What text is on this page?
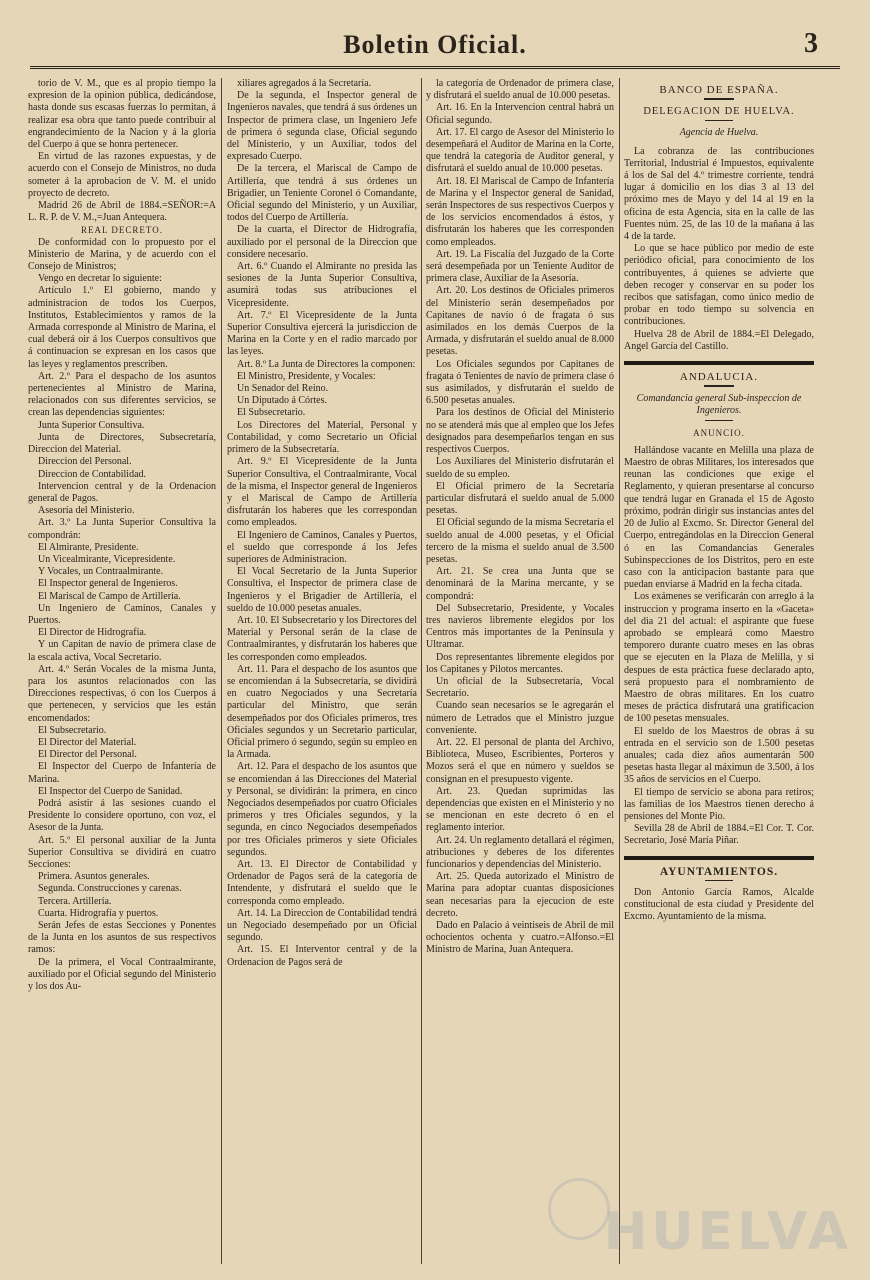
Boletin Oficial.	3

torio de V. M., que es al propio tiempo la expresion de la opinion pública, dedicándose, hasta donde sus escasas fuerzas lo permitan, á realizar esa obra que tanto puede contribuir al engrandecimiento de la Nacion y á la gloria del Cuerpo á que se honra pertenecer.

En virtud de las razones expuestas, y de acuerdo con el Consejo de Ministros, no duda someter á la aprobacion de V. M. el unido proyecto de decreto.

Madrid 26 de Abril de 1884.=SEÑOR:=A L. R. P. de V. M.,=Juan Antequera.

REAL DECRETO.

De conformidad con lo propuesto por el Ministerio de Marina, y de acuerdo con el Consejo de Ministros;

Vengo en decretar lo siguiente:

Artículo 1.º El gobierno, mando y administracion de todos los Cuerpos, Institutos, Establecimientos y ramos de la Armada corresponde al Ministro de Marina, el cual deberá oir á los Cuerpos consultivos que á continuacion se expresan en los casos que las leyes y reglamentos prescriben.

Art. 2.º Para el despacho de los asuntos pertenecientes al Ministro de Marina, relacionados con sus diferentes servicios, se crean las dependencias siguientes:

Junta Superior Consultiva.

Junta de Directores, Subsecretaría, Direccion del Material.

Direccion del Personal.

Direccion de Contabilidad.

Intervencion central y de la Ordenacion general de Pagos.

Asesoría del Ministerio.

Art. 3.º La Junta Superior Consultiva la compondrán:

El Almirante, Presidente.

Un Vicealmirante, Vicepresidente.

Y Vocales, un Contraalmirante.

El Inspector general de Ingenieros.

El Mariscal de Campo de Artillería.

Un Ingeniero de Caminos, Canales y Puertos.

El Director de Hidrografía.

Y un Capitan de navío de primera clase de la escala activa, Vocal Secretario.

Art. 4.º Serán Vocales de la misma Junta, para los asuntos relacionados con las Direcciones respectivas, ó con los Cuerpos á que pertenecen, y servicios que les están encomendados:

El Subsecretario.

El Director del Material.

El Director del Personal.

El Inspector del Cuerpo de Infantería de Marina.

El Inspector del Cuerpo de Sanidad.

Podrá asistir á las sesiones cuando el Presidente lo considere oportuno, con voz, el Asesor de la Junta.

Art. 5.º El personal auxiliar de la Junta Superior Consultiva se dividirá en cuatro Secciones:

Primera. Asuntos generales.

Segunda. Construcciones y carenas.

Tercera. Artillería.

Cuarta. Hidrografía y puertos.

Serán Jefes de estas Secciones y Ponentes de la Junta en los asuntos de sus respectivos ramos:

De la primera, el Vocal Contraalmirante, auxiliado por el Oficial segundo del Ministerio y los dos Au-

xiliares agregados á la Secretaría.

De la segunda, el Inspector general de Ingenieros navales, que tendrá á sus órdenes un Inspector de primera clase, un Ingeniero Jefe de primera ó segunda clase, Oficial segundo del Ministerio, y un Auxiliar, todos del expresado Cuerpo.

De la tercera, el Mariscal de Campo de Artillería, que tendrá á sus órdenes un Brigadier, un Teniente Coronel ó Comandante, Oficial segundo del Ministerio, y un Auxiliar, todos del Cuerpo de Artillería.

De la cuarta, el Director de Hidrografía, auxiliado por el personal de la Direccion que considere necesario.

Art. 6.º Cuando el Almirante no presida las sesiones de la Junta Superior Consultiva, asumirá todas sus atribuciones el Vicepresidente.

Art. 7.º El Vicepresidente de la Junta Superior Consultiva ejercerá la jurisdiccion de Marina en la Corte y en el radio marcado por las leyes.

Art. 8.º La Junta de Directores la componen:

El Ministro, Presidente, y Vocales:

Un Senador del Reino.

Un Diputado á Córtes.

El Subsecretario.

Los Directores del Material, Personal y Contabilidad, y como Secretario un Oficial primero de la Subsecretaría.

Art. 9.º El Vicepresidente de la Junta Superior Consultiva, el Contraalmirante, Vocal de la misma, el Inspector general de Ingenieros y el Mariscal de Campo de Artillería disfrutarán los haberes que les correspondan como empleados.

El Ingeniero de Caminos, Canales y Puertos, el sueldo que corresponde á los Jefes superiores de Administracion.

El Vocal Secretario de la Junta Superior Consultiva, el Inspector de primera clase de Ingenieros y el Brigadier de Artillería, el sueldo de 10.000 pesetas anuales.

Art. 10. El Subsecretario y los Directores del Material y Personal serán de la clase de Contraalmirantes, y disfrutarán los haberes que les corresponden como empleados.

Art. 11. Para el despacho de los asuntos que se encomiendan á la Subsecretaría, se dividirá en cuatro Negociados y una Secretaría particular del Ministro, que serán desempeñados por dos Oficiales primeros, tres Oficiales segundos y un Secretario particular, Oficial primero ó segundo, según su empleo en la Armada.

Art. 12. Para el despacho de los asuntos que se encomiendan á las Direcciones del Material y Personal, se dividirán: la primera, en cinco Negociados desempeñados por cuatro Oficiales primeros y tres Oficiales segundos, y la segunda, en cinco Negociados desempeñados por tres Oficiales primeros y siete Oficiales segundos.

Art. 13. El Director de Contabilidad y Ordenador de Pagos será de la categoría de Intendente, y disfrutará el sueldo que le corresponda como empleado.

Art. 14. La Direccion de Contabilidad tendrá un Negociado desempeñado por un Oficial segundo.

Art. 15. El Interventor central y de la Ordenacion de Pagos será de

la categoría de Ordenador de primera clase, y disfrutará el sueldo anual de 10.000 pesetas.

Art. 16. En la Intervencion central habrá un Oficial segundo.

Art. 17. El cargo de Asesor del Ministerio lo desempeñará el Auditor de Marina en la Corte, que tendrá la categoría de Auditor general, y disfrutará el sueldo anual de 10.000 pesetas.

Art. 18. El Mariscal de Campo de Infantería de Marina y el Inspector general de Sanidad, serán Inspectores de sus respectivos Cuerpos y de los servicios encomendados á éstos, y disfrutarán los haberes que les corresponden como empleados.

Art. 19. La Fiscalía del Juzgado de la Corte será desempeñada por un Teniente Auditor de primera clase, Auxiliar de la Asesoría.

Art. 20. Los destinos de Oficiales primeros del Ministerio serán desempeñados por Capitanes de navío ó de fragata ó sus asimilados en los demás Cuerpos de la Armada, y disfrutarán el sueldo anual de 8.000 pesetas.

Los Oficiales segundos por Capitanes de fragata ó Tenientes de navío de primera clase ó sus asimilados, y disfrutarán el sueldo de 6.500 pesetas anuales.

Para los destinos de Oficial del Ministerio no se atenderá más que al empleo que los Jefes designados para desempeñarlos tengan en sus respectivos Cuerpos.

Los Auxiliares del Ministerio disfrutarán el sueldo de su empleo.

El Oficial primero de la Secretaría particular disfrutará el sueldo anual de 5.000 pesetas.

El Oficial segundo de la misma Secretaría el sueldo anual de 4.000 pesetas, y el Oficial tercero de la misma el sueldo anual de 3.500 pesetas.

Art. 21. Se crea una Junta que se denominará de la Marina mercante, y se compondrá:

Del Subsecretario, Presidente, y Vocales tres navieros libremente elegidos por los Centros más importantes de la Península y Ultramar.

Dos representantes libremente elegidos por los Capitanes y Pilotos mercantes.

Un oficial de la Subsecretaría, Vocal Secretario.

Cuando sean necesarios se le agregarán el número de Letrados que el Ministro juzgue conveniente.

Art. 22. El personal de planta del Archivo, Biblioteca, Museo, Escribientes, Porteros y Mozos será el que en número y sueldos se consignan en el presupuesto vigente.

Art. 23. Quedan suprimidas las dependencias que existen en el Ministerio y no se mencionan en este decreto ó en el reglamento interior.

Art. 24. Un reglamento detallará el régimen, atribuciones y deberes de los diferentes funcionarios y dependencias del Ministerio.

Art. 25. Queda autorizado el Ministro de Marina para adoptar cuantas disposiciones sean necesarias para la ejecucion de este decreto.

Dado en Palacio á veintiseis de Abril de mil ochocientos ochenta y cuatro.=Alfonso.=El Ministro de Marina, Juan Antequera.

BANCO DE ESPAÑA.
DELEGACION DE HUELVA.

Agencia de Huelva.

La cobranza de las contribuciones Territorial, Industrial é Impuestos, equivalente á los de Sal del 4.º trimestre corriente, tendrá lugar á domicilio en los dias 3 al 13 del próximo mes de Mayo y del 14 al 19 en la oficina de esta Agencia, sita en la calle de las Fuentes núm. 25, de las 10 de la mañana á las 4 de la tarde.

Lo que se hace público por medio de este periódico oficial, para conocimiento de los contribuyentes, á quienes se advierte que deben recoger y conservar en su poder los recibos que satisfagan, como único medio de probar en todo tiempo su solvencia en contribuciones.

Huelva 28 de Abril de 1884.=El Delegado, Angel García del Castillo.

ANDALUCIA.

Comandancia general Sub-inspeccion de Ingenieros.

ANUNCIO.

Hallándose vacante en Melilla una plaza de Maestro de obras Militares, los interesados que reunan las condiciones que exige el Reglamento, y quieran presentarse al concurso que tendrá lugar en Granada el 15 de Agosto próximo, podrán dirigir sus instancias antes del 20 de Julio al Excmo. Sr. Director General del Cuerpo, entregándolas en la Direccion General ó en las Comandancias Generales Subinspecciones de los Distritos, pero en este caso con la anticipacion bastante para que puedan enviarse á Madrid en la fecha citada.

Los exámenes se verificarán con arreglo á la instruccion y programa inserto en la «Gaceta» del dia 21 del actual: el aspirante que fuese aprobado se empleará como Maestro temporero durante cuatro meses en las obras que se ejecuten en la Plaza de Melilla, y si despues de esta práctica fuese declarado apto, será propuesto para el nombramiento de Maestro de obras militares. En los cuatro meses de práctica disfrutará una gratificacion de 100 pesetas mensuales.

El sueldo de los Maestros de obras á su entrada en el servicio son de 1.500 pesetas anuales; cada diez años aumentarán 500 pesetas hasta llegar al máximun de 3.500, á los 35 años de servicios en el Cuerpo.

El tiempo de servicio se abona para retiros; las familias de los Maestros tienen derecho á pensiones del Monte Pio.

Sevilla 28 de Abril de 1884.=El Cor. T. Cor. Secretario, José María Piñar.

AYUNTAMIENTOS.

Don Antonio García Ramos, Alcalde constitucional de esta ciudad y Presidente del Excmo. Ayuntamiento de la misma.

HUELVA
